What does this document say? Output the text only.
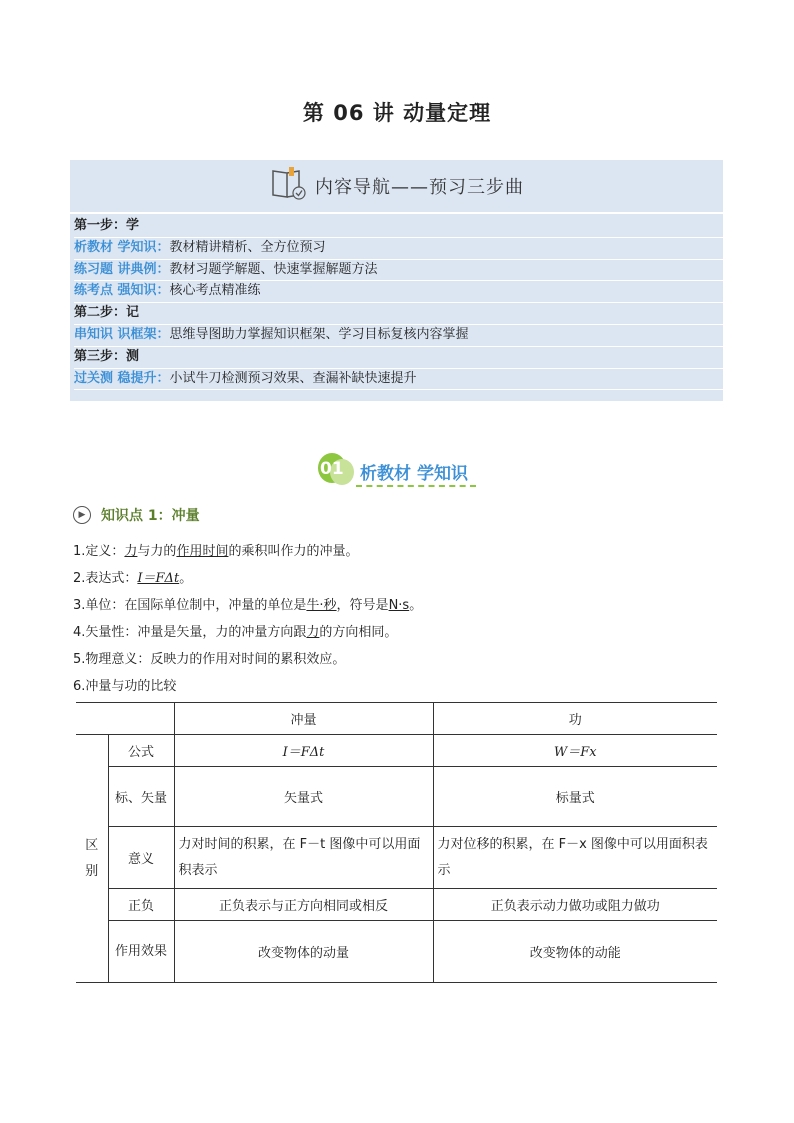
第 06 讲 动量定理
内容导航——预习三步曲
第一步：学
析教材 学知识：教材精讲精析、全方位预习
练习题 讲典例：教材习题学解题、快速掌握解题方法
练考点 强知识：核心考点精准练
第二步：记
串知识 识框架：思维导图助力掌握知识框架、学习目标复核内容掌握
第三步：测
过关测 稳提升：小试牛刀检测预习效果、查漏补缺快速提升
01 析教材 学知识
▶	知识点 1：冲量
1.定义：力与力的作用时间的乘积叫作力的冲量。
2.表达式：I＝FΔt。
3.单位：在国际单位制中，冲量的单位是牛·秒，符号是N·s。
4.矢量性：冲量是矢量，力的冲量方向跟力的方向相同。
5.物理意义：反映力的作用对时间的累积效应。
6.冲量与功的比较
		冲量	功
区
别	公式	I＝FΔt	W＝Fx
	标、矢量	矢量式	标量式
	意义	力对时间的积累，在 F－t 图像中可以用面积表示	力对位移的积累，在 F－x 图像中可以用面积表示
	正负	正负表示与正方向相同或相反	正负表示动力做功或阻力做功
	作用效果	改变物体的动量	改变物体的动能
